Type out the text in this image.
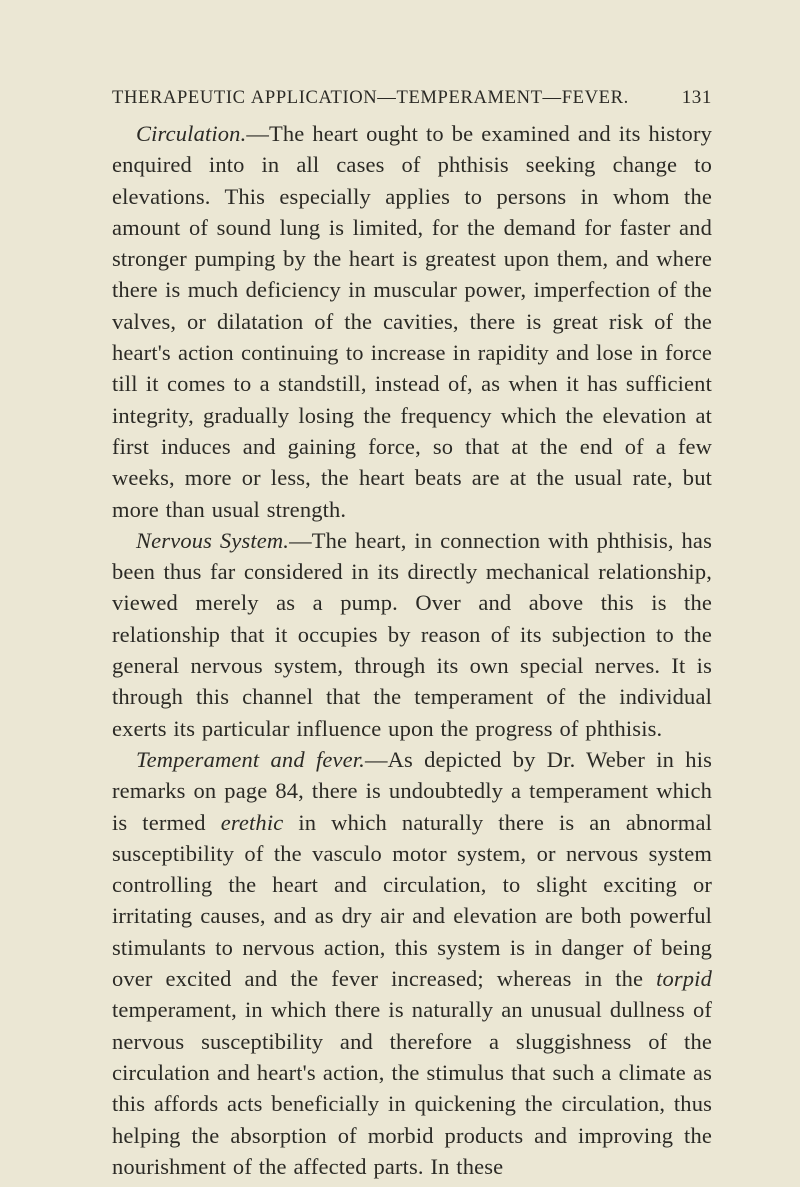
THERAPEUTIC APPLICATION—TEMPERAMENT—FEVER.	131

Circulation.—The heart ought to be examined and its history enquired into in all cases of phthisis seeking change to elevations. This especially applies to persons in whom the amount of sound lung is limited, for the demand for faster and stronger pumping by the heart is greatest upon them, and where there is much deficiency in muscular power, imperfection of the valves, or dilatation of the cavities, there is great risk of the heart's action continuing to increase in rapidity and lose in force till it comes to a standstill, instead of, as when it has sufficient integrity, gradually losing the frequency which the elevation at first induces and gaining force, so that at the end of a few weeks, more or less, the heart beats are at the usual rate, but more than usual strength.

Nervous System.—The heart, in connection with phthisis, has been thus far considered in its directly mechanical relationship, viewed merely as a pump. Over and above this is the relationship that it occupies by reason of its subjection to the general nervous system, through its own special nerves. It is through this channel that the temperament of the individual exerts its particular influence upon the progress of phthisis.

Temperament and fever.—As depicted by Dr. Weber in his remarks on page 84, there is undoubtedly a temperament which is termed erethic in which naturally there is an abnormal susceptibility of the vasculo motor system, or nervous system controlling the heart and circulation, to slight exciting or irritating causes, and as dry air and elevation are both powerful stimulants to nervous action, this system is in danger of being over excited and the fever increased; whereas in the torpid temperament, in which there is naturally an unusual dullness of nervous susceptibility and therefore a sluggishness of the circulation and heart's action, the stimulus that such a climate as this affords acts beneficially in quickening the circulation, thus helping the absorption of morbid products and improving the nourishment of the affected parts. In these
